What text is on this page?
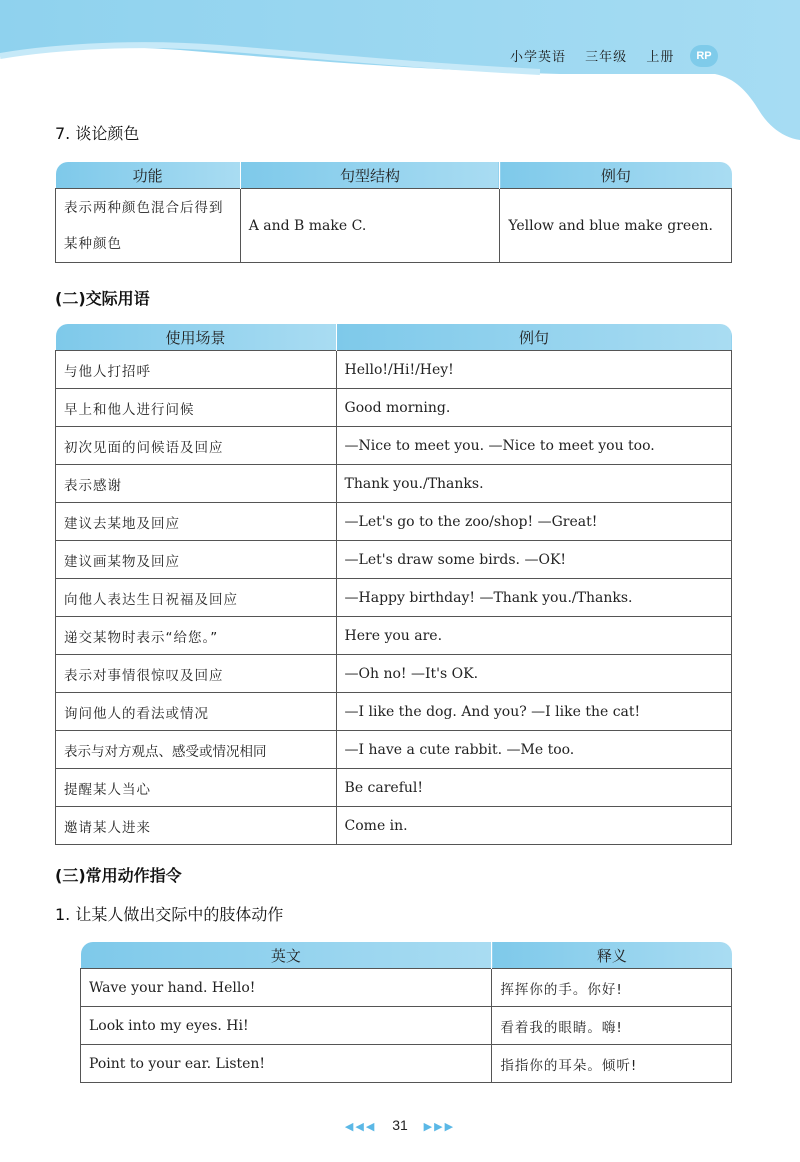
小学英语 三年级 上册	RP
7. 谈论颜色
功能	句型结构	例句
表示两种颜色混合后得到某种颜色	A and B make C.	Yellow and blue make green.
(二)交际用语
使用场景	例句
与他人打招呼	Hello!/Hi!/Hey!
早上和他人进行问候	Good morning.
初次见面的问候语及回应	—Nice to meet you. —Nice to meet you too.
表示感谢	Thank you./Thanks.
建议去某地及回应	—Let's go to the zoo/shop! —Great!
建议画某物及回应	—Let's draw some birds. —OK!
向他人表达生日祝福及回应	—Happy birthday! —Thank you./Thanks.
递交某物时表示“给您。”	Here you are.
表示对事情很惊叹及回应	—Oh no! —It's OK.
询问他人的看法或情况	—I like the dog. And you? —I like the cat!
表示与对方观点、感受或情况相同	—I have a cute rabbit. —Me too.
提醒某人当心	Be careful!
邀请某人进来	Come in.
(三)常用动作指令
1. 让某人做出交际中的肢体动作
英文	释义
Wave your hand. Hello!	挥挥你的手。你好!
Look into my eyes. Hi!	看着我的眼睛。嗨!
Point to your ear. Listen!	指指你的耳朵。倾听!
◀◀◀ 31 ▶▶▶
